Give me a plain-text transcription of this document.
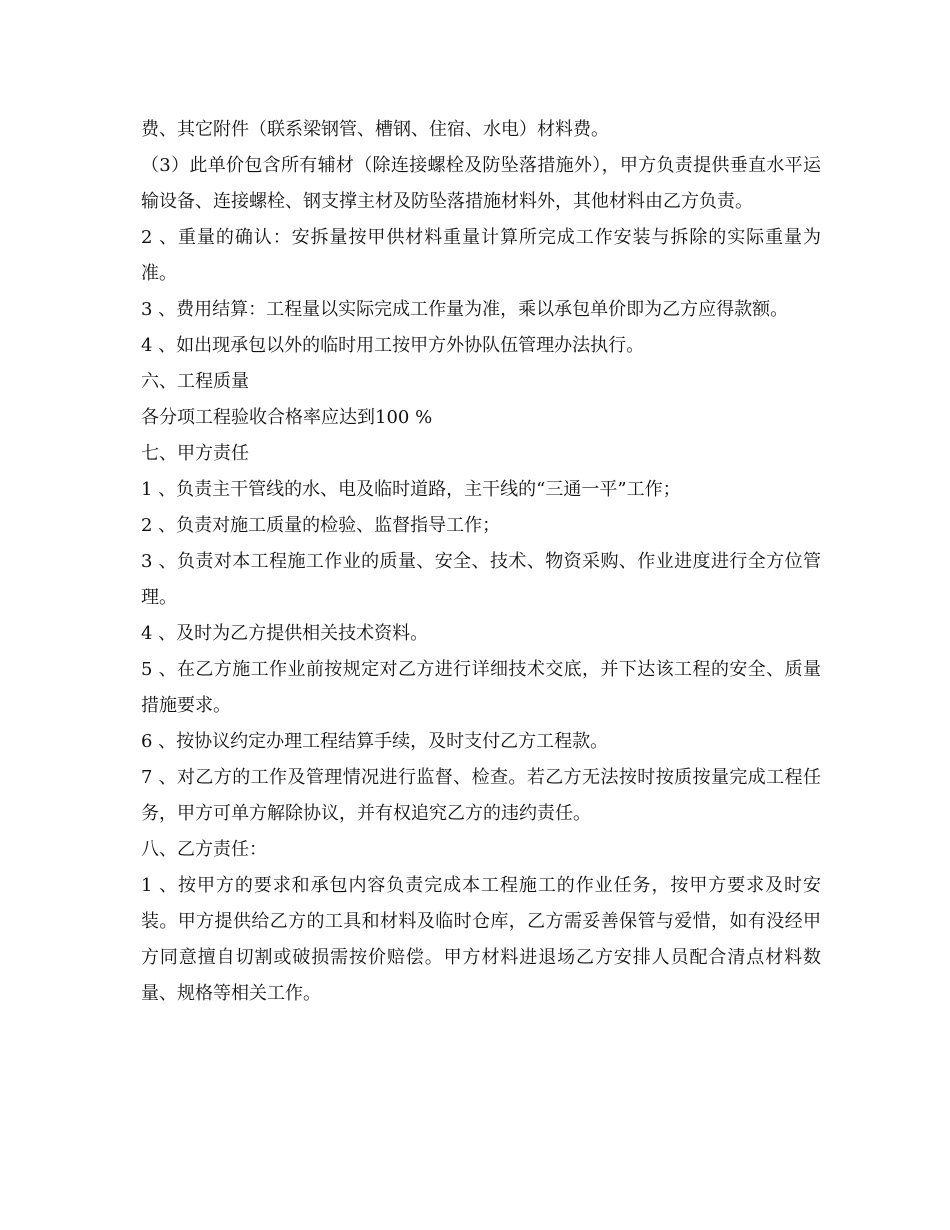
费、其它附件（联系梁钢管、槽钢、住宿、水电）材料费。

（3）此单价包含所有辅材（除连接螺栓及防坠落措施外），甲方负责提供垂直水平运输设备、连接螺栓、钢支撑主材及防坠落措施材料外，其他材料由乙方负责。

2 、重量的确认：安拆量按甲供材料重量计算所完成工作安装与拆除的实际重量为准。

3 、费用结算：工程量以实际完成工作量为准，乘以承包单价即为乙方应得款额。

4 、如出现承包以外的临时用工按甲方外协队伍管理办法执行。

六、工程质量

各分项工程验收合格率应达到100 %

七、甲方责任

1 、负责主干管线的水、电及临时道路，主干线的“三通一平”工作；

2 、负责对施工质量的检验、监督指导工作；

3 、负责对本工程施工作业的质量、安全、技术、物资采购、作业进度进行全方位管理。

4 、及时为乙方提供相关技术资料。

5 、在乙方施工作业前按规定对乙方进行详细技术交底，并下达该工程的安全、质量措施要求。

6 、按协议约定办理工程结算手续，及时支付乙方工程款。

7 、对乙方的工作及管理情况进行监督、检查。若乙方无法按时按质按量完成工程任务，甲方可单方解除协议，并有权追究乙方的违约责任。

八、乙方责任：

1 、按甲方的要求和承包内容负责完成本工程施工的作业任务，按甲方要求及时安装。甲方提供给乙方的工具和材料及临时仓库，乙方需妥善保管与爱惜，如有没经甲方同意擅自切割或破损需按价赔偿。甲方材料进退场乙方安排人员配合清点材料数量、规格等相关工作。
